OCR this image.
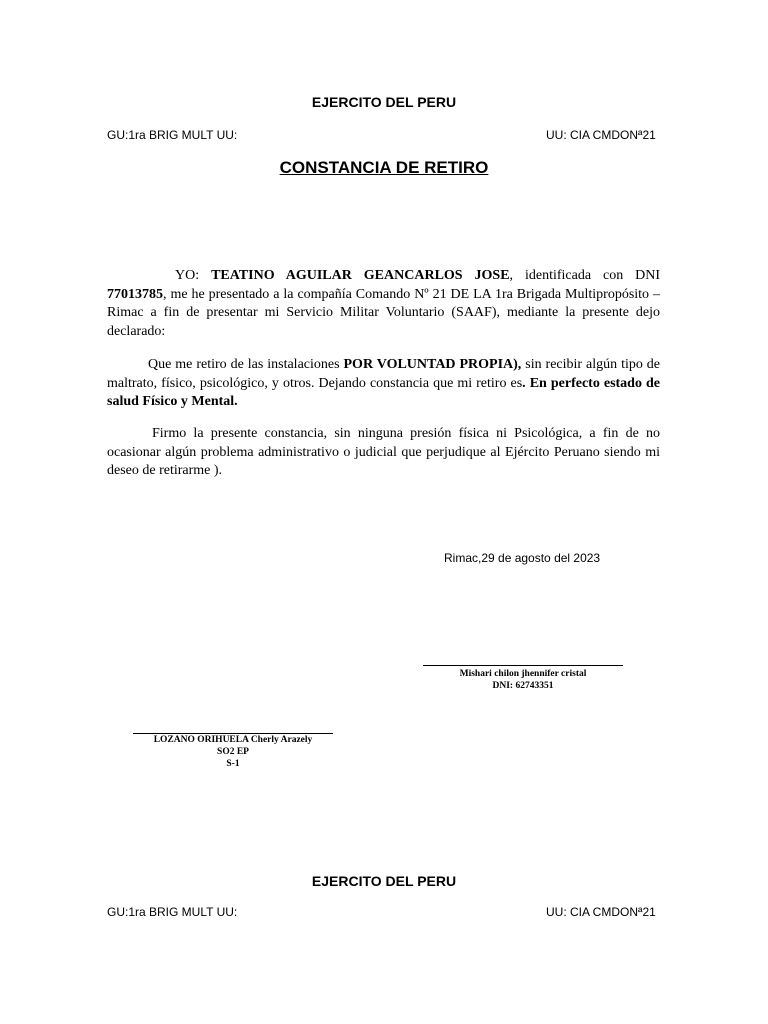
EJERCITO DEL PERU
GU:1ra BRIG MULT UU:	UU: CIA CMDONª21
CONSTANCIA DE RETIRO
YO: TEATINO AGUILAR GEANCARLOS JOSE, identificada con DNI 77013785, me he presentado a la compañía Comando Nº 21 DE LA 1ra Brigada Multipropósito – Rimac a fin de presentar mi Servicio Militar Voluntario (SAAF), mediante la presente dejo declarado:
Que me retiro de las instalaciones POR VOLUNTAD PROPIA), sin recibir algún tipo de maltrato, físico, psicológico, y otros. Dejando constancia que mi retiro es. En perfecto estado de salud Físico y Mental.
Firmo la presente constancia, sin ninguna presión física ni Psicológica, a fin de no ocasionar algún problema administrativo o judicial que perjudique al Ejército Peruano siendo mi deseo de retirarme ).
Rimac,29 de agosto del 2023
Mishari chilon jhennifer cristal
DNI: 62743351
LOZANO ORIHUELA Cherly Arazely
SO2 EP
S-1
EJERCITO DEL PERU
GU:1ra BRIG MULT UU:	UU: CIA CMDONª21
